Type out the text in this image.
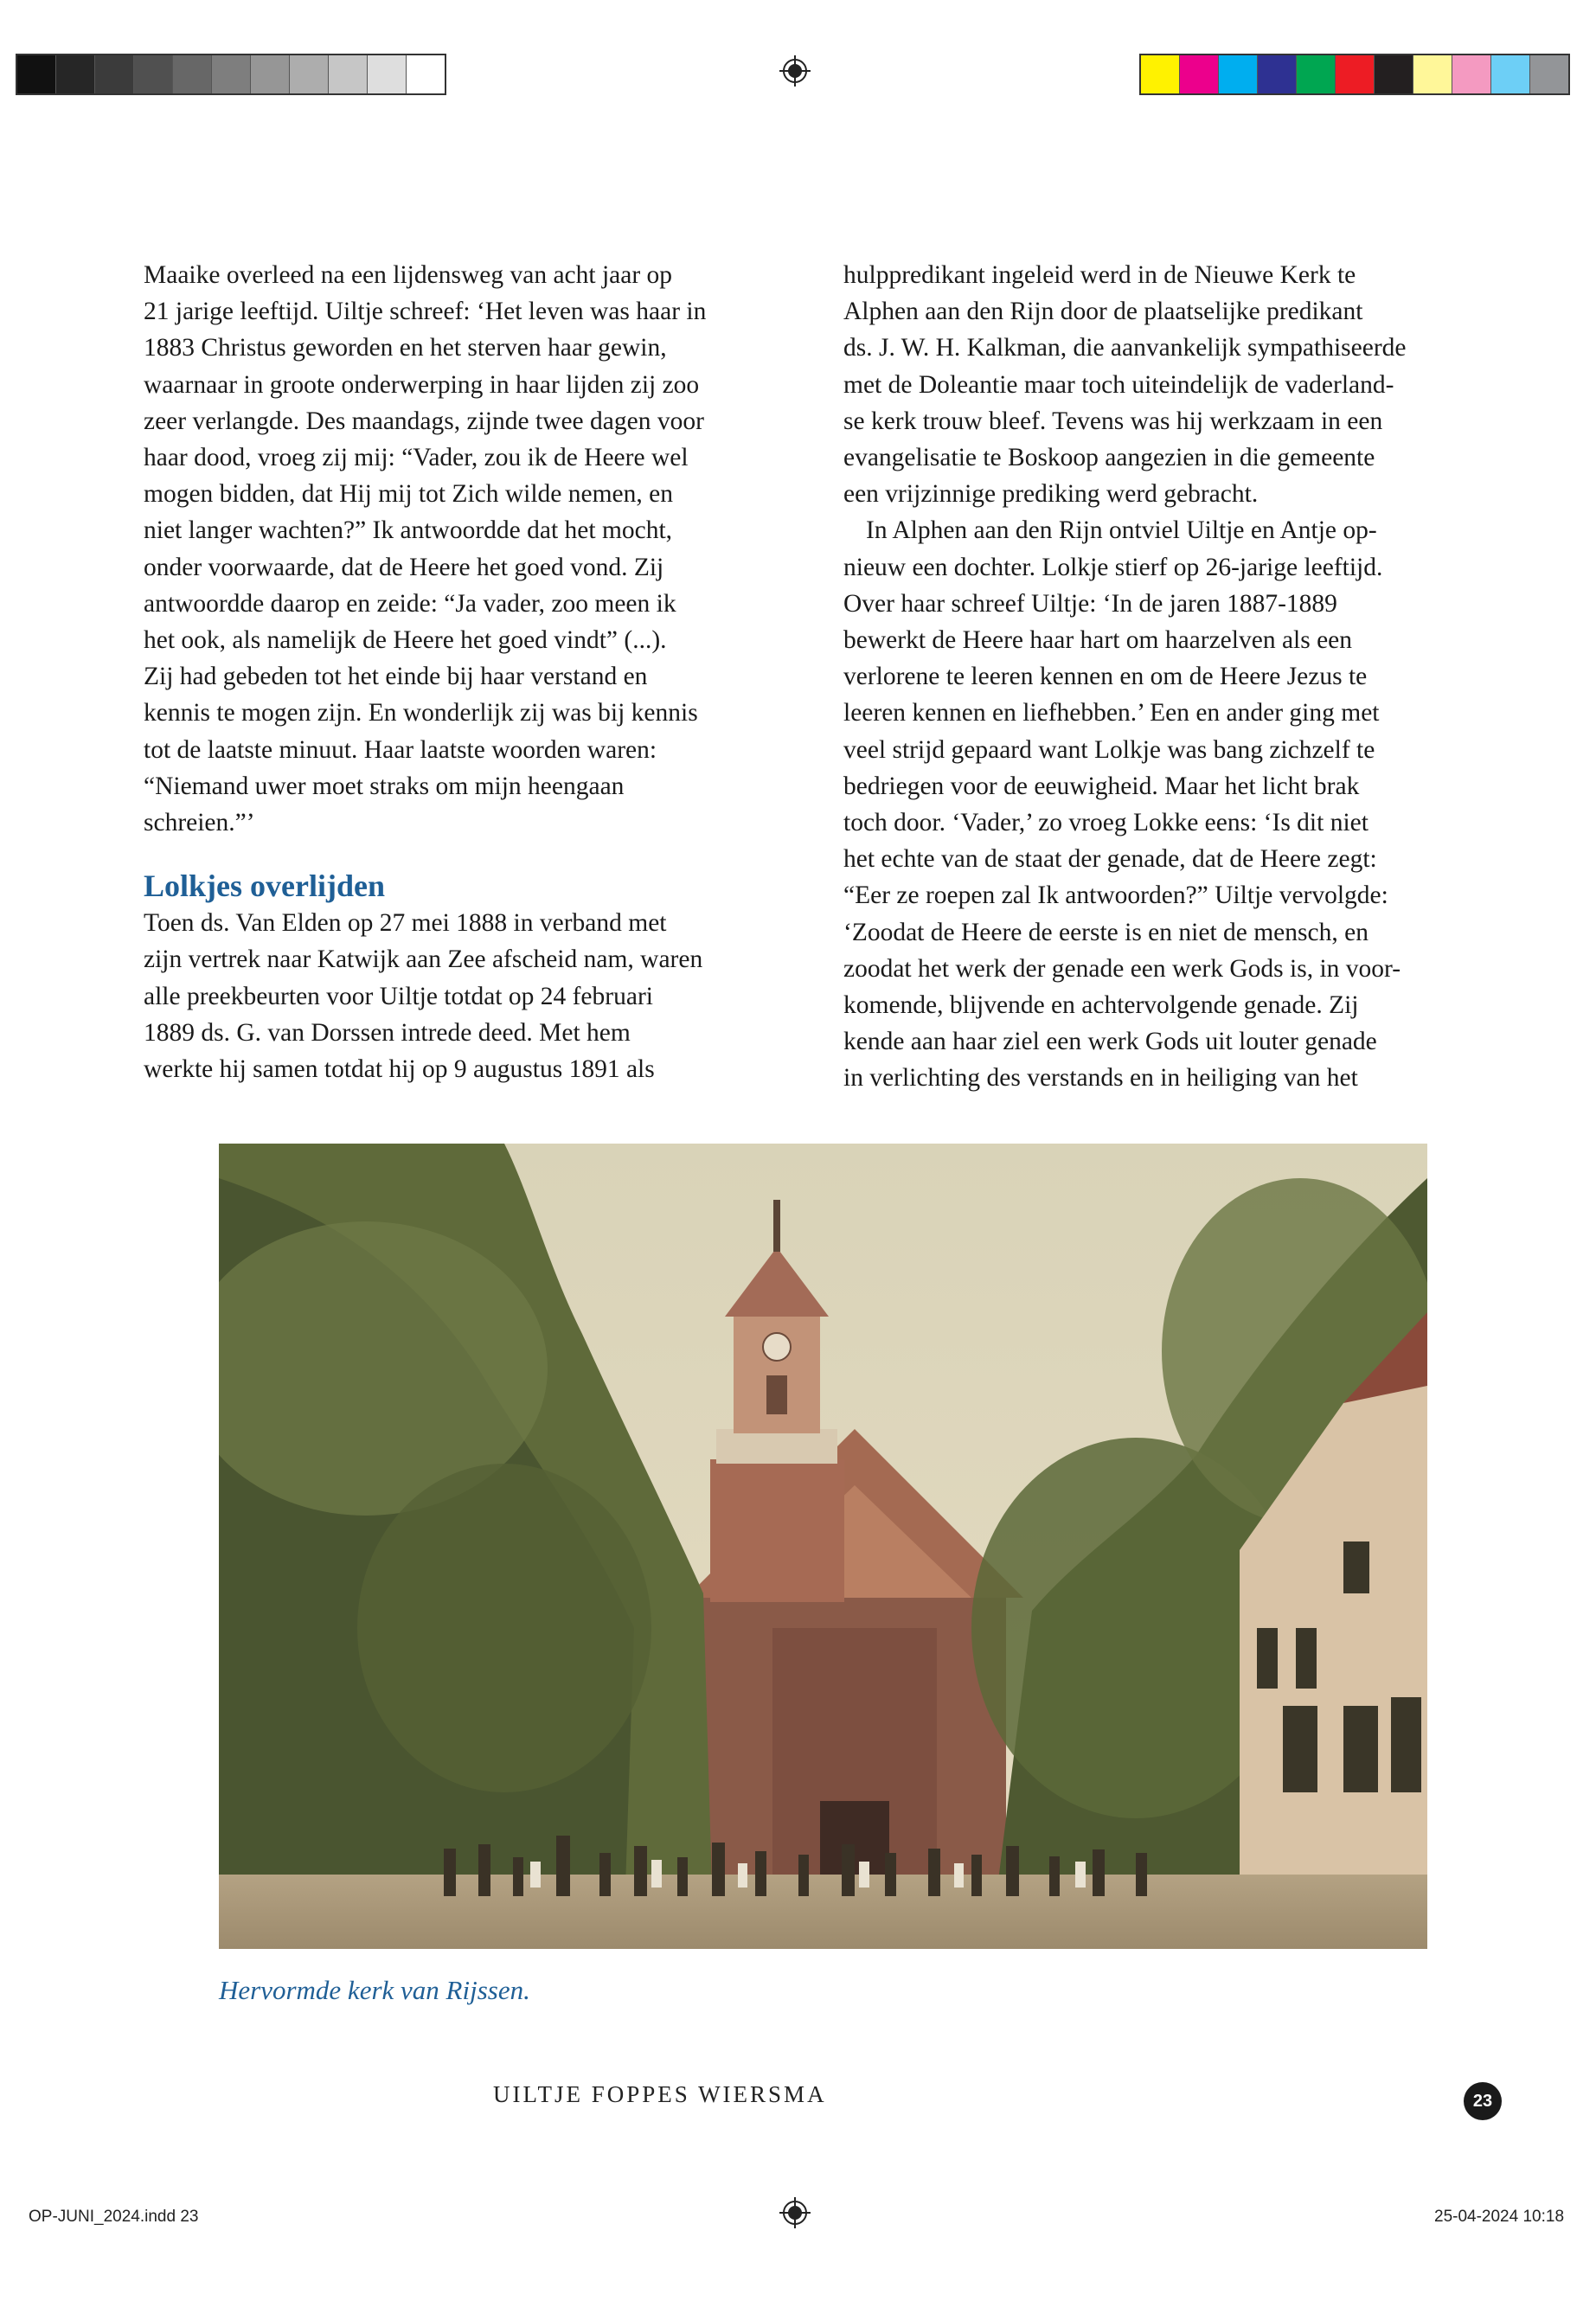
Maaike overleed na een lijdensweg van acht jaar op
21 jarige leeftijd. Uiltje schreef: ‘Het leven was haar in
1883 Christus geworden en het sterven haar gewin,
waarnaar in groote onderwerping in haar lijden zij zoo
zeer verlangde. Des maandags, zijnde twee dagen voor
haar dood, vroeg zij mij: “Vader, zou ik de Heere wel
mogen bidden, dat Hij mij tot Zich wilde nemen, en
niet langer wachten?” Ik antwoordde dat het mocht,
onder voorwaarde, dat de Heere het goed vond. Zij
antwoordde daarop en zeide: “Ja vader, zoo meen ik
het ook, als namelijk de Heere het goed vindt” (...).
Zij had gebeden tot het einde bij haar verstand en
kennis te mogen zijn. En wonderlijk zij was bij kennis
tot de laatste minuut. Haar laatste woorden waren:
“Niemand uwer moet straks om mijn heengaan
schreien.”’

Lolkjes overlijden

Toen ds. Van Elden op 27 mei 1888 in verband met
zijn vertrek naar Katwijk aan Zee afscheid nam, waren
alle preekbeurten voor Uiltje totdat op 24 februari
1889 ds. G. van Dorssen intrede deed. Met hem
werkte hij samen totdat hij op 9 augustus 1891 als

hulppredikant ingeleid werd in de Nieuwe Kerk te
Alphen aan den Rijn door de plaatselijke predikant
ds. J. W. H. Kalkman, die aanvankelijk sympathiseerde
met de Doleantie maar toch uiteindelijk de vaderland-
se kerk trouw bleef. Tevens was hij werkzaam in een
evangelisatie te Boskoop aangezien in die gemeente
een vrijzinnige prediking werd gebracht.

In Alphen aan den Rijn ontviel Uiltje en Antje op-
nieuw een dochter. Lolkje stierf op 26-jarige leeftijd.
Over haar schreef Uiltje: ‘In de jaren 1887-1889
bewerkt de Heere haar hart om haarzelven als een
verlorene te leeren kennen en om de Heere Jezus te
leeren kennen en liefhebben.’ Een en ander ging met
veel strijd gepaard want Lolkje was bang zichzelf te
bedriegen voor de eeuwigheid. Maar het licht brak
toch door. ‘Vader,’ zo vroeg Lokke eens: ‘Is dit niet
het echte van de staat der genade, dat de Heere zegt:
“Eer ze roepen zal Ik antwoorden?” Uiltje vervolgde:
‘Zoodat de Heere de eerste is en niet de mensch, en
zoodat het werk der genade een werk Gods is, in voor-
komende, blijvende en achtervolgende genade. Zij
kende aan haar ziel een werk Gods uit louter genade
in verlichting des verstands en in heiliging van het

Hervormde kerk van Rijssen.
UILTJE FOPPES WIERSMA	23
OP-JUNI_2024.indd 23	25-04-2024 10:18
